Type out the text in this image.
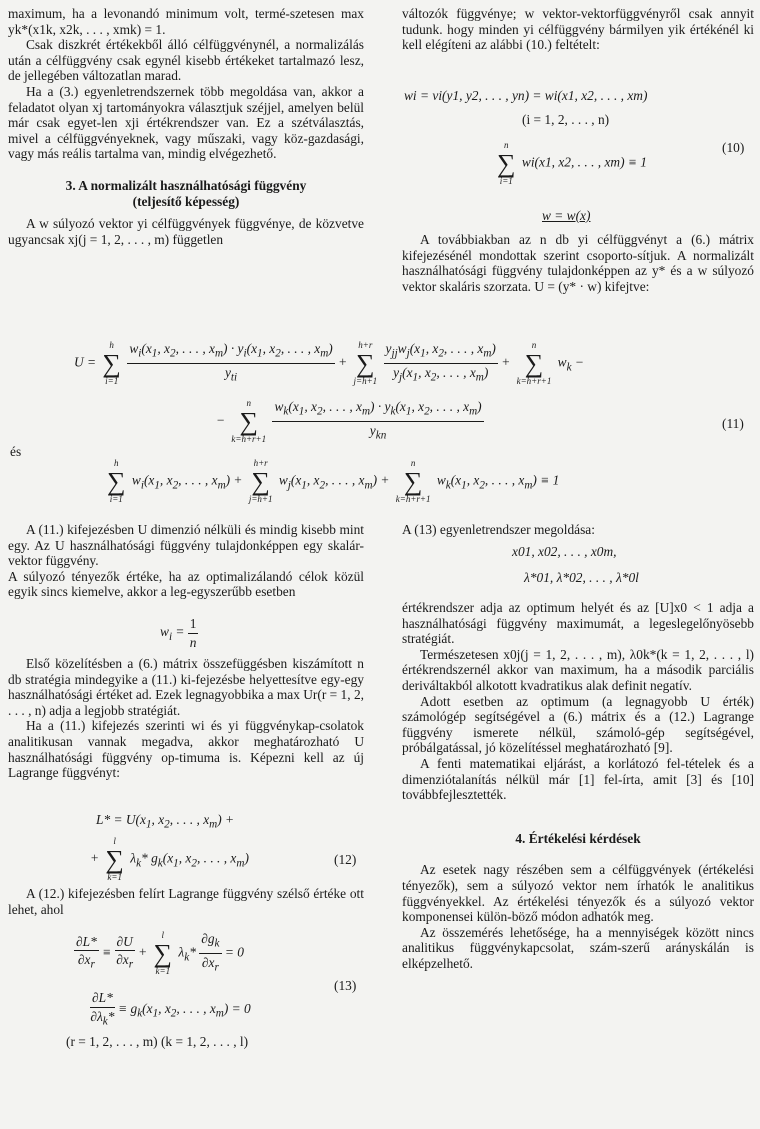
maximum, ha a levonandó minimum volt, termé-szetesen max yk*(x1k, x2k, . . . , xmk) = 1.

Csak diszkrét értékekből álló célfüggvénynél, a normalizálás után a célfüggvény csak egynél kisebb értékeket tartalmazó lesz, de jellegében változatlan marad.

Ha a (3.) egyenletrendszernek több megoldása van, akkor a feladatot olyan xj tartományokra választjuk széjjel, amelyen belül már csak egyet-len xji értékrendszer van. Ez a szétválasztás, mivel a célfüggvényeknek, vagy műszaki, vagy köz-gazdasági, vagy más reális tartalma van, mindig elvégezhető.

3. A normalizált használhatósági függvény (teljesítő képesség)

A w súlyozó vektor yi célfüggvények függvénye, de közvetve ugyancsak xj(j = 1, 2, . . . , m) független

változók függvénye; w vektor-vektorfüggvényről csak annyit tudunk. hogy minden yi célfüggvény bármilyen yik értékénél ki kell elégíteni az alábbi (10.) feltételt:

wi = vi(y1, y2, . . . , yn) = wi(x1, x2, . . . , xm)
(i = 1, 2, . . . , n)
n
∑
i=1
wi(x1, x2, . . . , xm) ≡ 1
(10)
w = w(x)

A továbbiakban az n db yi célfüggvényt a (6.) mátrix kifejezésénél mondottak szerint csoporto-sítjuk. A normalizált használhatósági függvény tulajdonképpen az y* és a w súlyozó vektor skaláris szorzata. U = (y* · w) kifejtve:

U =
h
∑
i=1
$\frac{w_i(x_1, x_2, . . . , x_m) \cdot y_i(x_1, x_2, . . . , x_m)}{y_{ti}}$ +
h+r
∑
j=h+1
$\frac{y_{jj}w_j(x_1, x_2, . . . , x_m)}{y_j(x_1, x_2, . . . , x_m)}$ +
n
∑
k=h+r+1
$w_k$ −
−
n
∑
k=h+r+1
$\frac{w_k(x_1, x_2, . . . , x_m) \cdot y_k(x_1, x_2, . . . , x_m)}{y_{kn}}$	(11)
és
h
∑
i=1
$w_i(x_1$, $x_2$, . . . , $x_m$) +
h+r
∑
j=h+1
$w_j(x_1$, $x_2$, . . . , $x_m$) +
n
∑
k=h+r+1
$w_k(x_1$, $x_2$, . . . , $x_m) \equiv 1$

A (11.) kifejezésben U dimenzió nélküli és mindig kisebb mint egy. Az U használhatósági függvény tulajdonképpen egy skalár-vektor függvény.

A súlyozó tényezők értéke, ha az optimalizálandó célok közül egyik sincs kiemelve, akkor a leg-egyszerűbb esetben

$w_i = \frac{1}{n}$

Első közelítésben a (6.) mátrix összefüggésben kiszámított n db stratégia mindegyike a (11.) ki-fejezésbe helyettesítve egy-egy használhatósági értéket ad. Ezek legnagyobbika a max Ur(r = 1, 2, . . . , n) adja a legjobb stratégiát.

Ha a (11.) kifejezés szerinti wi és yi függvénykap-csolatok analitikusan vannak megadva, akkor meghatározható U használhatósági függvény op-timuma is. Képezni kell az új Lagrange függvényt:

$L* = U(x_1$, $x_2$, . . . , $x_m$) +
+
l
∑
k=1
$\lambda_k*$ $g_k(x_1$, $x_2$, . . . , $x_m$)	(12)

A (12.) kifejezésben felírt Lagrange függvény szélső értéke ott lehet, ahol

$\frac{\partial L*}{\partial x_r} \equiv \frac{\partial U}{\partial x_r}$ +
l
∑
k=1
$\lambda_k* \frac{\partial g_k}{\partial x_r} = 0$
$\frac{\partial L*}{\partial\lambda_k*} \equiv g_k(x_1$, $x_2$, . . . , $x_m) = 0$
(13)
(r = 1, 2, . . . , m) (k = 1, 2, . . . , l)

A (13) egyenletrendszer megoldása:

x01, x02, . . . , x0m,
λ*01, λ*02, . . . , λ*0l

értékrendszer adja az optimum helyét és az [U]x0 < 1 adja a használhatósági függvény maximumát, a legeslegelőnyösebb stratégiát.

Természetesen x0j(j = 1, 2, . . . , m), λ0k*(k = 1, 2, . . . , l) értékrendszernél akkor van maximum, ha a második parciális deriváltakból alkotott kvadratikus alak definit negatív.

Adott esetben az optimum (a legnagyobb U érték) számológép segítségével a (6.) mátrix és a (12.) Lagrange függvény ismerete nélkül, számoló-gép segítségével, próbálgatással, jó közelítéssel meghatározható [9].

A fenti matematikai eljárást, a korlátozó fel-tételek és a dimenziótalanítás nélkül már [1] fel-írta, amit [3] és [10] továbbfejlesztették.

4. Értékelési kérdések

Az esetek nagy részében sem a célfüggvények (értékelési tényezők), sem a súlyozó vektor nem írhatók le analitikus függvényekkel. Az értékelési tényezők és a súlyozó vektor komponensei külön-böző módon adhatók meg.

Az összemérés lehetősége, ha a mennyiségek között nincs analitikus függvénykapcsolat, szám-szerű arányskálán is elképzelhető.
